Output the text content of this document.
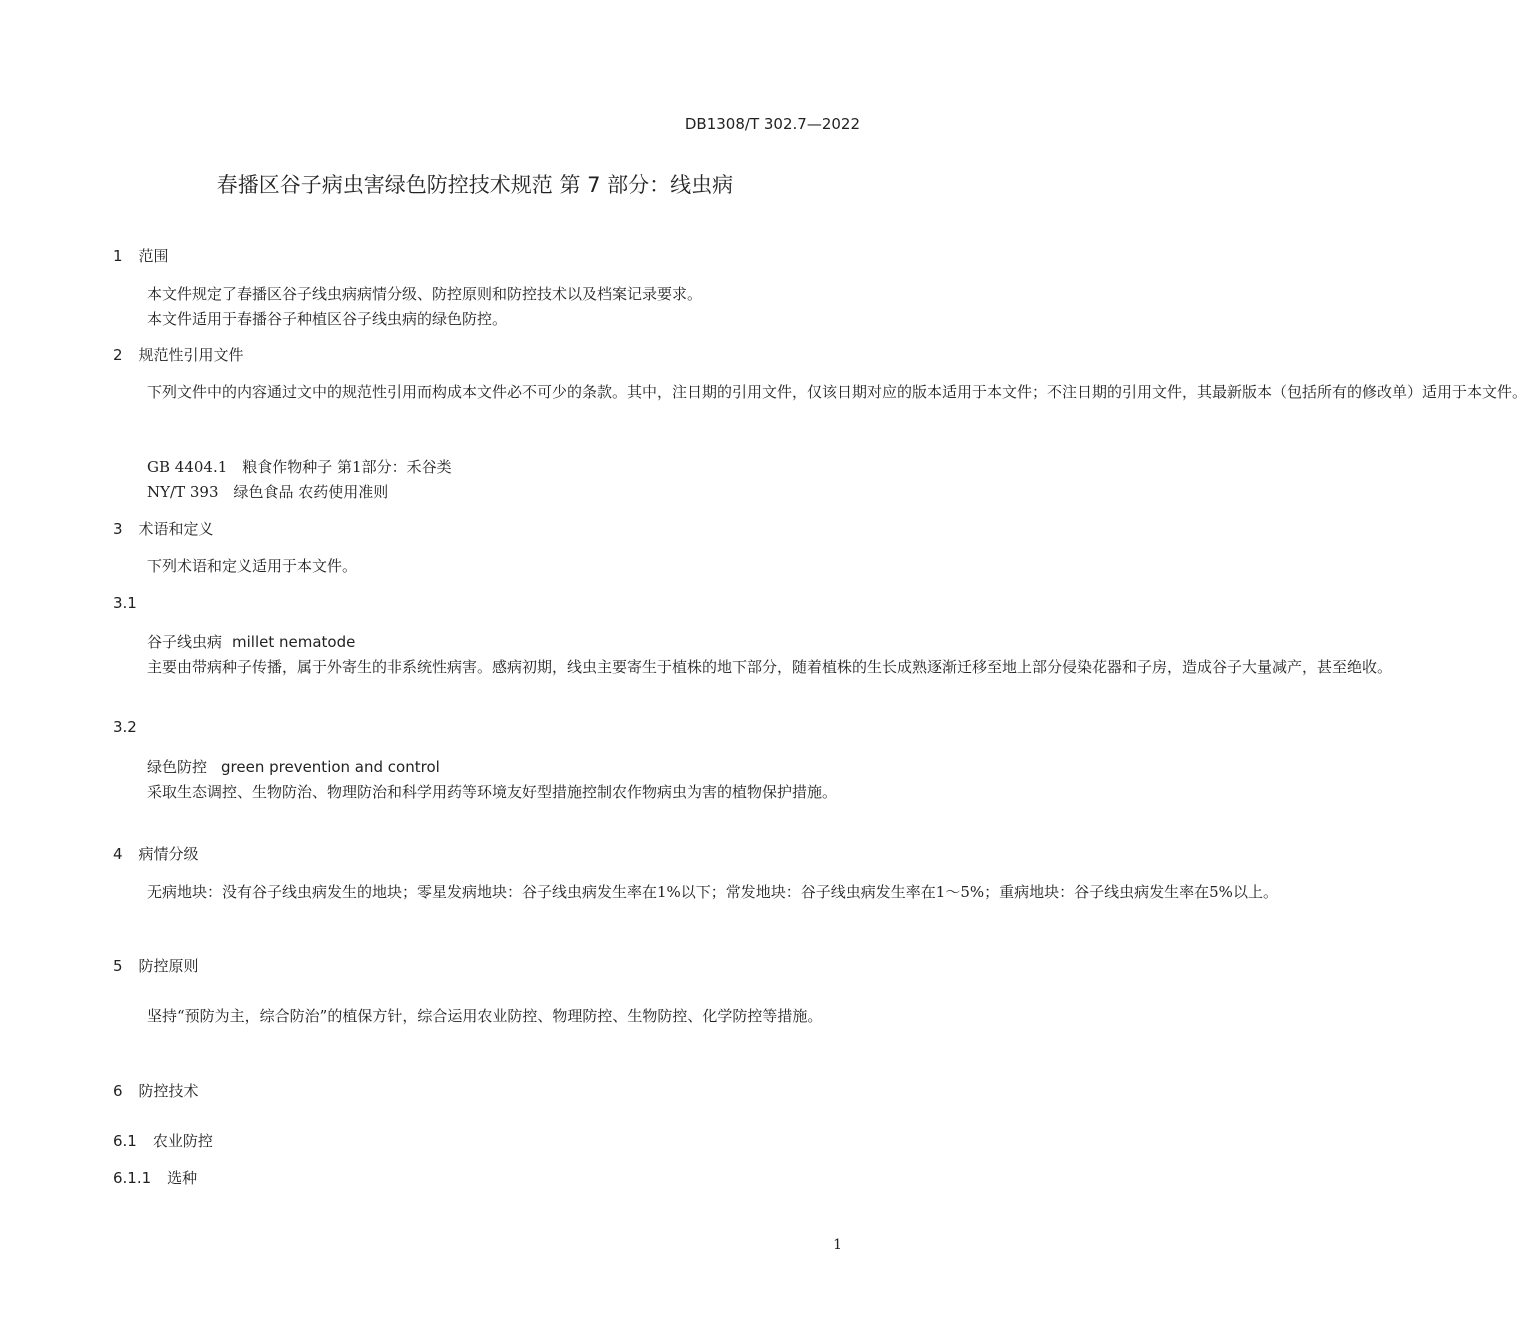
DB1308/T 302.7—2022
春播区谷子病虫害绿色防控技术规范 第 7 部分：线虫病
1 范围
本文件规定了春播区谷子线虫病病情分级、防控原则和防控技术以及档案记录要求。
本文件适用于春播谷子种植区谷子线虫病的绿色防控。
2 规范性引用文件

下列文件中的内容通过文中的规范性引用而构成本文件必不可少的条款。其中，注日期的引用文件，仅该日期对应的版本适用于本文件；不注日期的引用文件，其最新版本（包括所有的修改单）适用于本文件。

GB 4404.1　粮食作物种子 第1部分：禾谷类
NY/T 393　绿色食品 农药使用准则
3 术语和定义
下列术语和定义适用于本文件。
3.1
谷子线虫病 millet nematode

主要由带病种子传播，属于外寄生的非系统性病害。感病初期，线虫主要寄生于植株的地下部分，随着植株的生长成熟逐渐迁移至地上部分侵染花器和子房，造成谷子大量减产，甚至绝收。

3.2
绿色防控 green prevention and control

采取生态调控、生物防治、物理防治和科学用药等环境友好型措施控制农作物病虫为害的植物保护措施。

4 病情分级

无病地块：没有谷子线虫病发生的地块；零星发病地块：谷子线虫病发生率在1%以下；常发地块：谷子线虫病发生率在1～5%；重病地块：谷子线虫病发生率在5%以上。

5 防控原则

坚持“预防为主，综合防治”的植保方针，综合运用农业防控、物理防控、生物防控、化学防控等措施。

6 防控技术
6.1 农业防控
6.1.1 选种
1
